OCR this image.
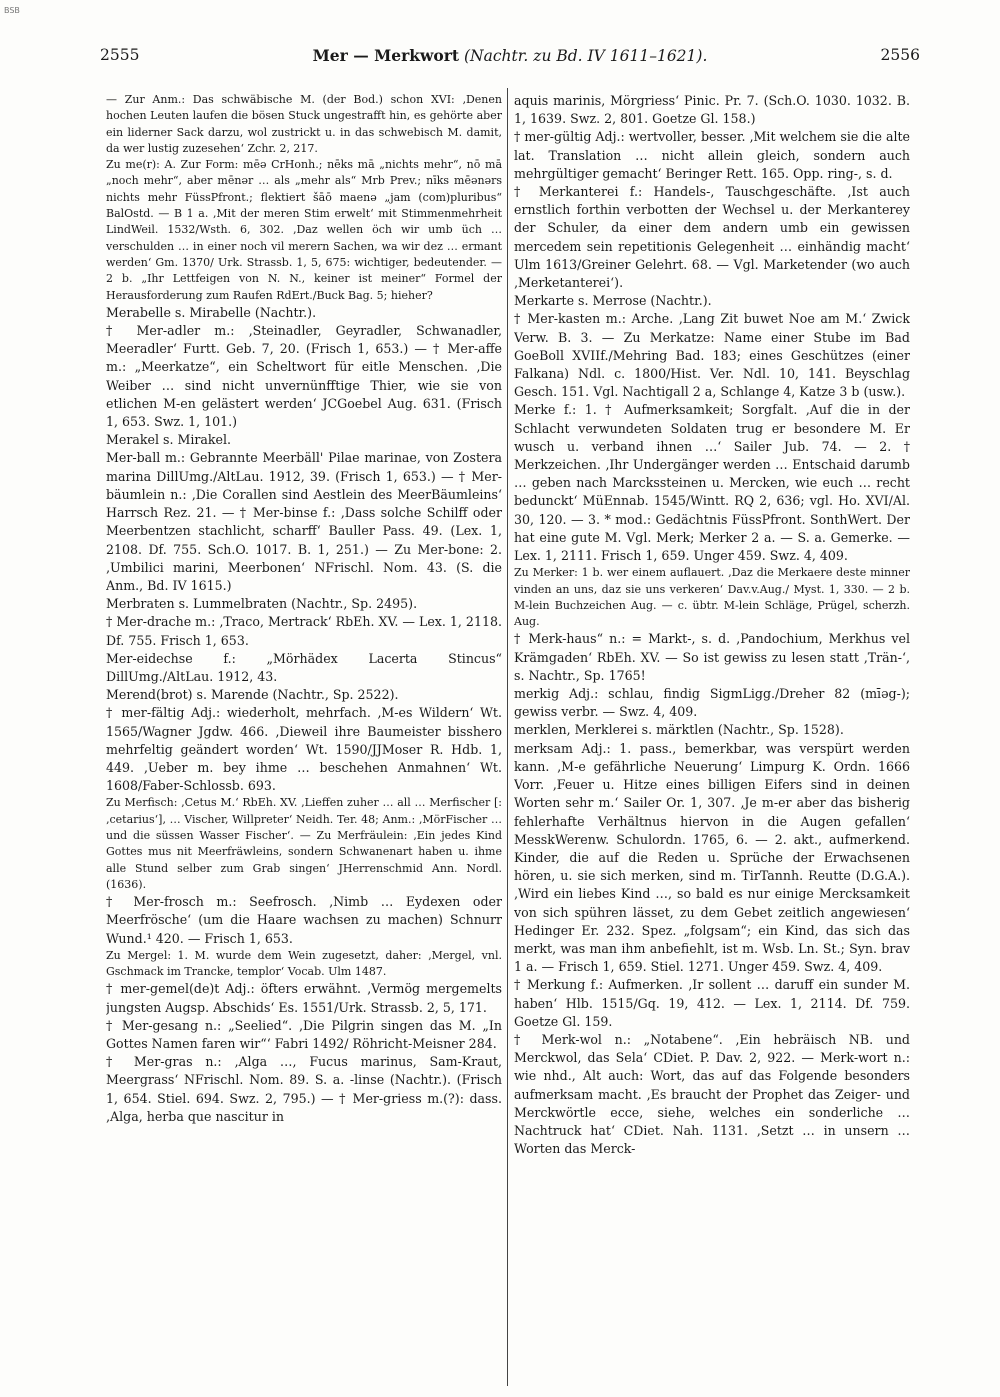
BSB
2555	Mer — Merkwort (Nachtr. zu Bd. IV 1611–1621).	2556

— Zur Anm.: Das schwäbische M. (der Bod.) schon XVI: ‚Denen hochen Leuten laufen die bösen Stuck ungestrafft hin, es gehörte aber ein liderner Sack darzu, wol zustrickt u. in das schwebisch M. damit, da wer lustig zuzesehen‘ Zchr. 2, 217.

Zu me(r): A. Zur Form: mēə CrHonh.; nēks mā „nichts mehr“, nō mā „noch mehr“, aber mēnər … als „mehr als“ Mrb Prev.; nīks mēənərs nichts mehr FüssPfront.; flektiert šāō maenə „jam (com)pluribus“ BalOstd. — B 1 a. ‚Mit der meren Stim erwelt‘ mit Stimmenmehrheit LindWeil. 1532/Wsth. 6, 302. ‚Daz wellen öch wir umb üch … verschulden … in einer noch vil merern Sachen, wa wir dez … ermant werden‘ Gm. 1370/ Urk. Strassb. 1, 5, 675: wichtiger, bedeutender. — 2 b. „Ihr Lettfeigen von N. N., keiner ist meiner“ Formel der Herausforderung zum Raufen RdErt./Buck Bag. 5; hieher?

Merabelle s. Mirabelle (Nachtr.).

† Mer-adler m.: ‚Steinadler, Geyradler, Schwanadler, Meeradler‘ Furtt. Geb. 7, 20. (Frisch 1, 653.) — † Mer-affe m.: „Meerkatze“, ein Scheltwort für eitle Menschen. ‚Die Weiber … sind nicht unvernünfftige Thier, wie sie von etlichen M-en gelästert werden‘ JCGoebel Aug. 631. (Frisch 1, 653. Swz. 1, 101.)

Merakel s. Mirakel.

Mer-ball m.: Gebrannte Meerbäll' Pilae marinae, von Zostera marina DillUmg./AltLau. 1912, 39. (Frisch 1, 653.) — † Mer-bäumlein n.: ‚Die Corallen sind Aestlein des MeerBäumleins‘ Harrsch Rez. 21. — † Mer-binse f.: ‚Dass solche Schilff oder Meerbentzen stachlicht, scharff‘ Bauller Pass. 49. (Lex. 1, 2108. Df. 755. Sch.O. 1017. B. 1, 251.) — Zu Mer-bone: 2. ‚Umbilici marini, Meerbonen‘ NFrischl. Nom. 43. (S. die Anm., Bd. IV 1615.)

Merbraten s. Lummelbraten (Nachtr., Sp. 2495).

† Mer-drache m.: ‚Traco, Mertrack‘ RbEh. XV. — Lex. 1, 2118. Df. 755. Frisch 1, 653.

Mer-eidechse f.: „Mörhädex Lacerta Stincus“ DillUmg./AltLau. 1912, 43.

Merend(brot) s. Marende (Nachtr., Sp. 2522).

† mer-fältig Adj.: wiederholt, mehrfach. ‚M-es Wildern‘ Wt. 1565/Wagner Jgdw. 466. ‚Dieweil ihre Baumeister bisshero mehrfeltig geändert worden‘ Wt. 1590/JJMoser R. Hdb. 1, 449. ‚Ueber m. bey ihme … beschehen Anmahnen‘ Wt. 1608/Faber-Schlossb. 693.

Zu Merfisch: ‚Cetus M.‘ RbEh. XV. ‚Lieffen zuher … all … Merfischer [:‚cetarius‘], … Vischer, Willpreter‘ Neidh. Ter. 48; Anm.: ‚MörFischer … und die süssen Wasser Fischer‘. — Zu Merfräulein: ‚Ein jedes Kind Gottes mus nit Meerfräwleins, sondern Schwanenart haben u. ihme alle Stund selber zum Grab singen‘ JHerrenschmid Ann. Nordl. (1636).

† Mer-frosch m.: Seefrosch. ‚Nimb … Eydexen oder Meerfrösche‘ (um die Haare wachsen zu machen) Schnurr Wund.¹ 420. — Frisch 1, 653.

Zu Mergel: 1. M. wurde dem Wein zugesetzt, daher: ‚Mergel, vnl. Gschmack im Trancke, templor‘ Vocab. Ulm 1487.

† mer-gemel(de)t Adj.: öfters erwähnt. ‚Vermög mergemelts jungsten Augsp. Abschids‘ Es. 1551/Urk. Strassb. 2, 5, 171.

† Mer-gesang n.: „Seelied“. ‚Die Pilgrin singen das M. „In Gottes Namen faren wir“‘ Fabri 1492/ Röhricht-Meisner 284.

† Mer-gras n.: ‚Alga …, Fucus marinus, Sam-Kraut, Meergrass‘ NFrischl. Nom. 89. S. a. -linse (Nachtr.). (Frisch 1, 654. Stiel. 694. Swz. 2, 795.) — † Mer-griess m.(?): dass. ‚Alga, herba que nascitur in

aquis marinis, Mörgriess‘ Pinic. Pr. 7. (Sch.O. 1030. 1032. B. 1, 1639. Swz. 2, 801. Goetze Gl. 158.)

† mer-gültig Adj.: wertvoller, besser. ‚Mit welchem sie die alte lat. Translation … nicht allein gleich, sondern auch mehrgültiger gemacht‘ Beringer Rett. 165. Opp. ring-, s. d.

† Merkanterei f.: Handels-, Tauschgeschäfte. ‚Ist auch ernstlich forthin verbotten der Wechsel u. der Merkanterey der Schuler, da einer dem andern umb ein gewissen mercedem sein repetitionis Gelegenheit … einhändig macht‘ Ulm 1613/Greiner Gelehrt. 68. — Vgl. Marketender (wo auch ‚Merketanterei‘).

Merkarte s. Merrose (Nachtr.).

† Mer-kasten m.: Arche. ‚Lang Zit buwet Noe am M.‘ Zwick Verw. B. 3. — Zu Merkatze: Name einer Stube im Bad GoeBoll XVIIf./Mehring Bad. 183; eines Geschützes (einer Falkana) Ndl. c. 1800/Hist. Ver. Ndl. 10, 141. Beyschlag Gesch. 151. Vgl. Nachtigall 2 a, Schlange 4, Katze 3 b (usw.).

Merke f.: 1. † Aufmerksamkeit; Sorgfalt. ‚Auf die in der Schlacht verwundeten Soldaten trug er besondere M. Er wusch u. verband ihnen …‘ Sailer Jub. 74. — 2. † Merkzeichen. ‚Ihr Undergänger werden … Entschaid darumb … geben nach Marckssteinen u. Mercken, wie euch … recht bedunckt‘ MüEnnab. 1545/Wintt. RQ 2, 636; vgl. Ho. XVI/Al. 30, 120. — 3. * mod.: Gedächtnis FüssPfront. SonthWert. Der hat eine gute M. Vgl. Merk; Merker 2 a. — S. a. Gemerke. — Lex. 1, 2111. Frisch 1, 659. Unger 459. Swz. 4, 409.

Zu Merker: 1 b. wer einem auflauert. ‚Daz die Merkaere deste minner vinden an uns, daz sie uns verkeren‘ Dav.v.Aug./ Myst. 1, 330. — 2 b. M-lein Buchzeichen Aug. — c. übtr. M-lein Schläge, Prügel, scherzh. Aug.

† Merk-haus“ n.: = Markt-, s. d. ‚Pandochium, Merkhus vel Krämgaden‘ RbEh. XV. — So ist gewiss zu lesen statt ‚Trän-‘, s. Nachtr., Sp. 1765!

merkig Adj.: schlau, findig SigmLigg./Dreher 82 (mīəg-); gewiss verbr. — Swz. 4, 409.

merklen, Merklerei s. märktlen (Nachtr., Sp. 1528).

merksam Adj.: 1. pass., bemerkbar, was verspürt werden kann. ‚M-e gefährliche Neuerung‘ Limpurg K. Ordn. 1666 Vorr. ‚Feuer u. Hitze eines billigen Eifers sind in deinen Worten sehr m.‘ Sailer Or. 1, 307. ‚Je m-er aber das bisherig fehlerhafte Verhältnus hiervon in die Augen gefallen‘ MesskWerenw. Schulordn. 1765, 6. — 2. akt., aufmerkend. Kinder, die auf die Reden u. Sprüche der Erwachsenen hören, u. sie sich merken, sind m. TirTannh. Reutte (D.G.A.). ‚Wird ein liebes Kind …, so bald es nur einige Mercksamkeit von sich spühren lässet, zu dem Gebet zeitlich angewiesen‘ Hedinger Er. 232. Spez. „folgsam“; ein Kind, das sich das merkt, was man ihm anbefiehlt, ist m. Wsb. Ln. St.; Syn. brav 1 a. — Frisch 1, 659. Stiel. 1271. Unger 459. Swz. 4, 409.

† Merkung f.: Aufmerken. ‚Ir sollent … daruff ein sunder M. haben‘ Hlb. 1515/Gq. 19, 412. — Lex. 1, 2114. Df. 759. Goetze Gl. 159.

† Merk-wol n.: „Notabene“. ‚Ein hebräisch NB. und Merckwol, das Sela‘ CDiet. P. Dav. 2, 922. — Merk-wort n.: wie nhd., Alt auch: Wort, das auf das Folgende besonders aufmerksam macht. ‚Es braucht der Prophet das Zeiger- und Merckwörtle ecce, siehe, welches ein sonderliche … Nachtruck hat‘ CDiet. Nah. 1131. ‚Setzt … in unsern … Worten das Merck-
